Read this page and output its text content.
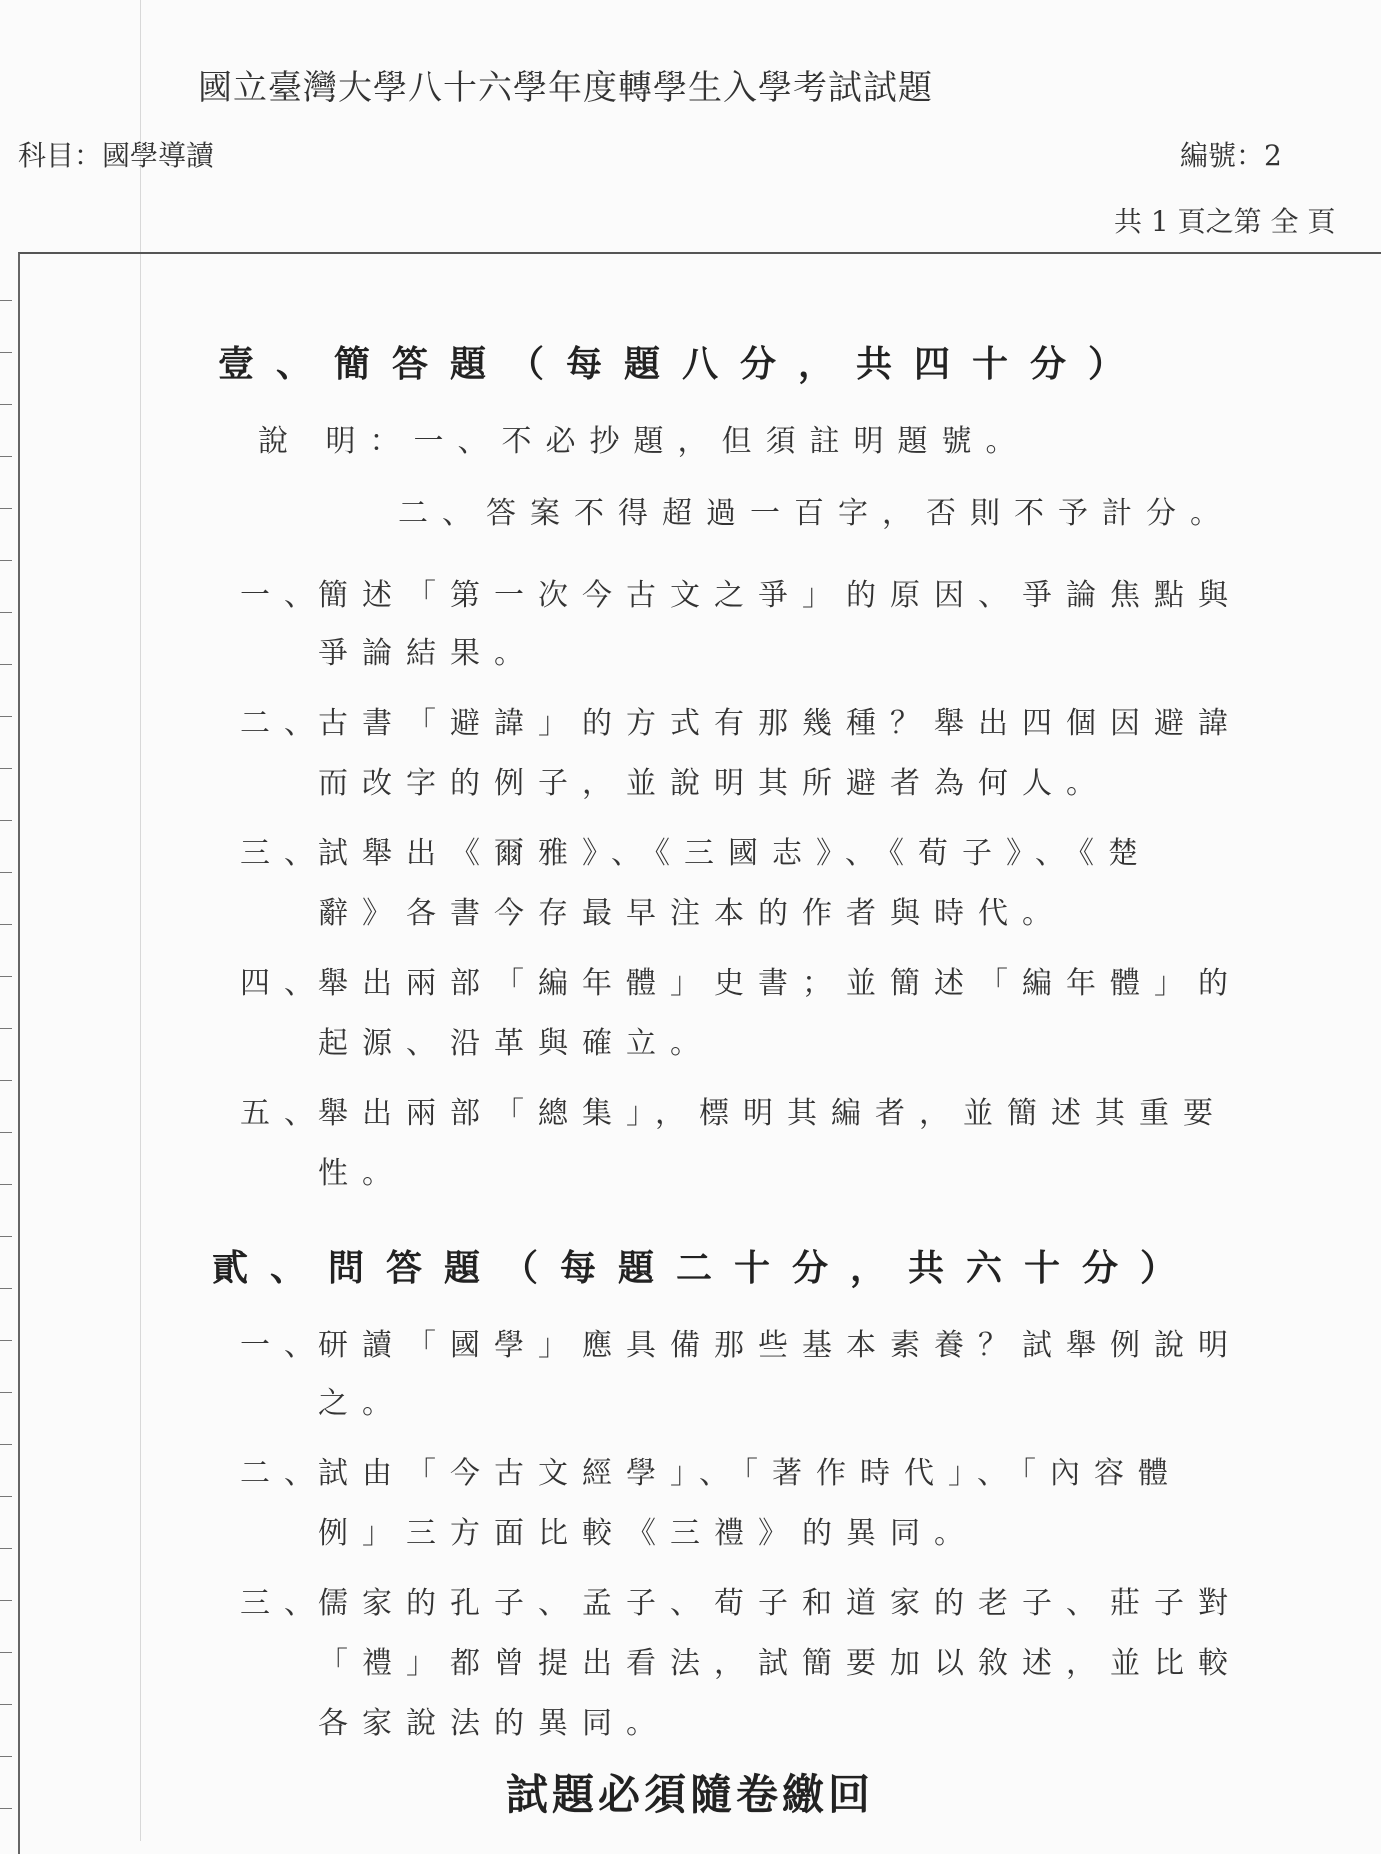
國立臺灣大學八十六學年度轉學生入學考試試題
科目：國學導讀	編號：2
共 1 頁之第 全 頁
壹、簡答題（每題八分，共四十分）
說 明：一、不必抄題，但須註明題號。
二、答案不得超過一百字，否則不予計分。
一、
簡述「第一次今古文之爭」的原因、爭論焦點與
爭論結果。
二、
古書「避諱」的方式有那幾種？舉出四個因避諱
而改字的例子，並說明其所避者為何人。
三、
試舉出《爾雅》、《三國志》、《荀子》、《楚
辭》各書今存最早注本的作者與時代。
四、
舉出兩部「編年體」史書；並簡述「編年體」的
起源、沿革與確立。
五、
舉出兩部「總集」，標明其編者，並簡述其重要
性。
貳、問答題（每題二十分，共六十分）
一、
研讀「國學」應具備那些基本素養？試舉例說明
之。
二、
試由「今古文經學」、「著作時代」、「內容體
例」三方面比較《三禮》的異同。
三、
儒家的孔子、孟子、荀子和道家的老子、莊子對
「禮」都曾提出看法，試簡要加以敘述，並比較
各家說法的異同。
試題必須隨卷繳回
